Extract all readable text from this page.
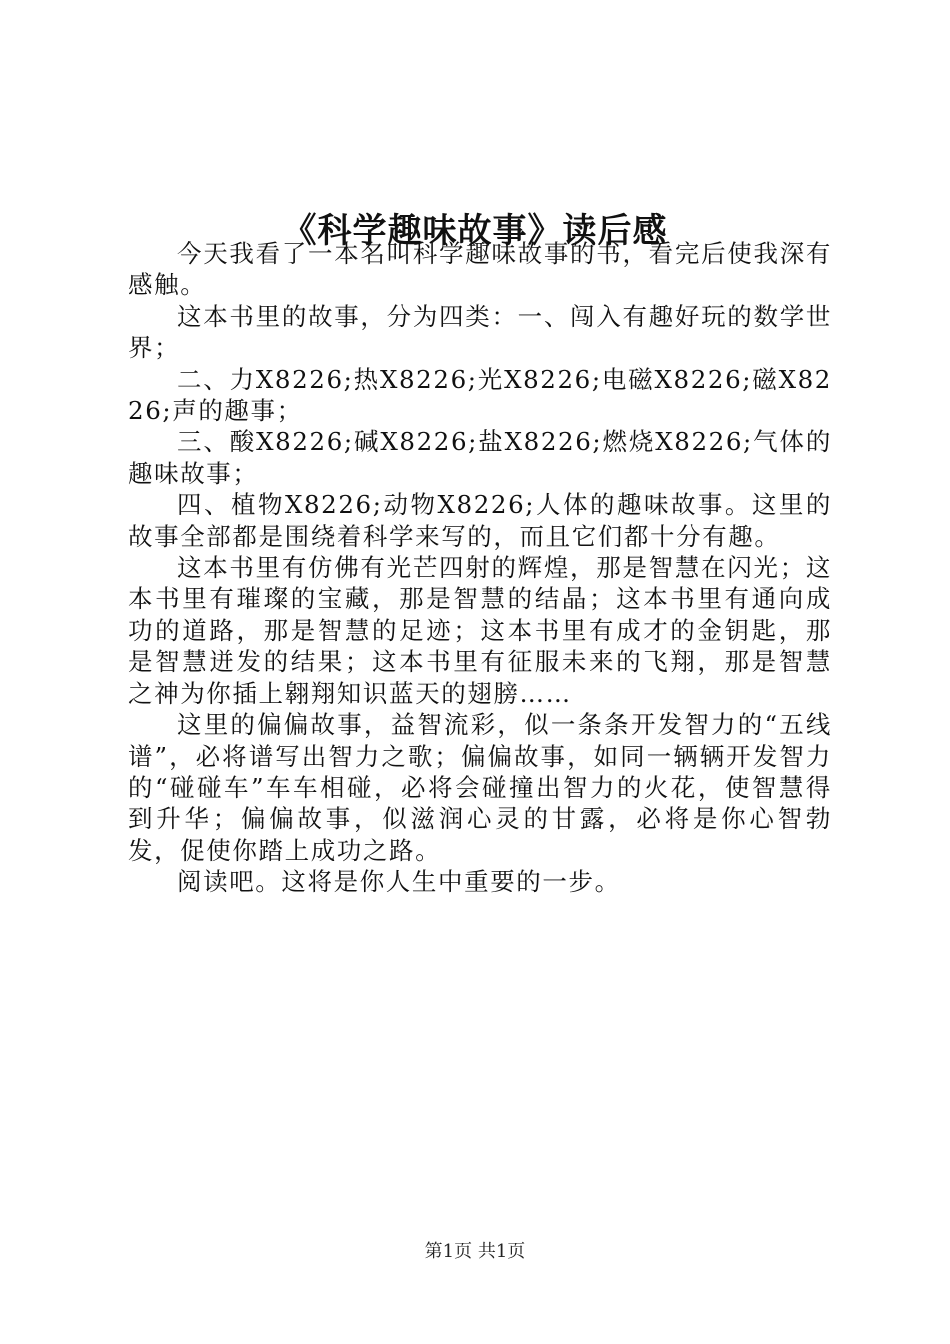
《科学趣味故事》读后感

今天我看了一本名叫科学趣味故事的书，看完后使我深有感触。

这本书里的故事，分为四类：一、闯入有趣好玩的数学世界；

二、力X8226;热X8226;光X8226;电磁X8226;磁X8226;声的趣事；

三、酸X8226;碱X8226;盐X8226;燃烧X8226;气体的趣味故事；

四、植物X8226;动物X8226;人体的趣味故事。这里的故事全部都是围绕着科学来写的，而且它们都十分有趣。

这本书里有仿佛有光芒四射的辉煌，那是智慧在闪光；这本书里有璀璨的宝藏，那是智慧的结晶；这本书里有通向成功的道路，那是智慧的足迹；这本书里有成才的金钥匙，那是智慧迸发的结果；这本书里有征服未来的飞翔，那是智慧之神为你插上翱翔知识蓝天的翅膀……

这里的偏偏故事，益智流彩，似一条条开发智力的“五线谱”，必将谱写出智力之歌；偏偏故事，如同一辆辆开发智力的“碰碰车”车车相碰，必将会碰撞出智力的火花，使智慧得到升华；偏偏故事，似滋润心灵的甘露，必将是你心智勃发，促使你踏上成功之路。

阅读吧。这将是你人生中重要的一步。

第1页 共1页
